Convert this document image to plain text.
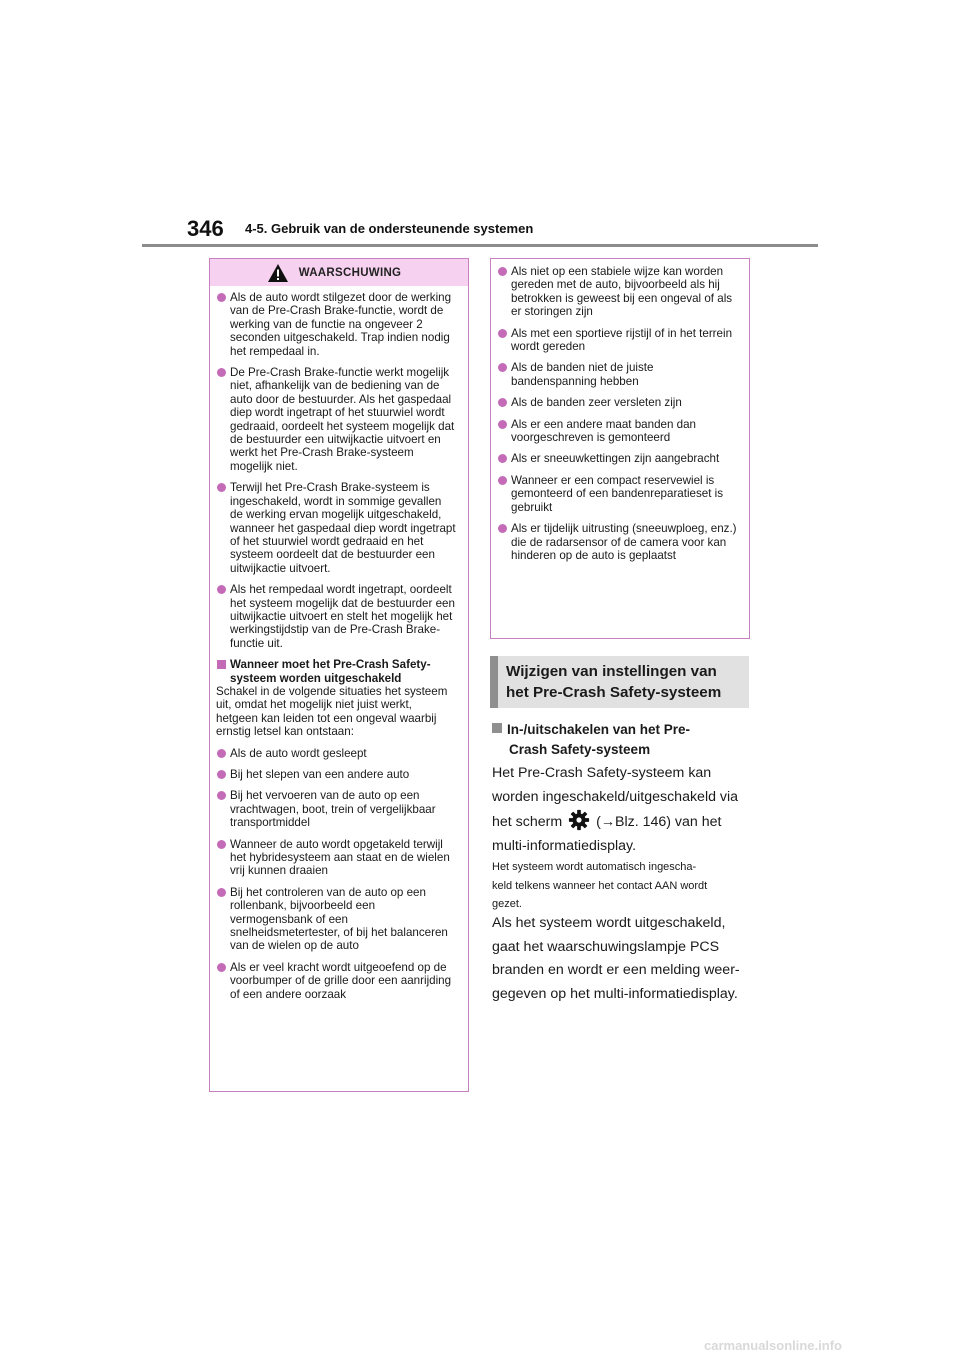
346 4-5. Gebruik van de ondersteunende systemen
WAARSCHUWING
Als de auto wordt stilgezet door de werking van de Pre-Crash Brake-functie, wordt de werking van de functie na ongeveer 2 seconden uitgeschakeld. Trap indien nodig het rempedaal in.
De Pre-Crash Brake-functie werkt mogelijk niet, afhankelijk van de bediening van de auto door de bestuurder. Als het gaspedaal diep wordt ingetrapt of het stuurwiel wordt gedraaid, oordeelt het systeem mogelijk dat de bestuurder een uitwijkactie uitvoert en werkt het Pre-Crash Brake-systeem mogelijk niet.
Terwijl het Pre-Crash Brake-systeem is ingeschakeld, wordt in sommige gevallen de werking ervan mogelijk uitgeschakeld, wanneer het gaspedaal diep wordt ingetrapt of het stuurwiel wordt gedraaid en het systeem oordeelt dat de bestuurder een uitwijkactie uitvoert.
Als het rempedaal wordt ingetrapt, oordeelt het systeem mogelijk dat de bestuurder een uitwijkactie uitvoert en stelt het mogelijk het werkingstijdstip van de Pre-Crash Brake-functie uit.
Wanneer moet het Pre-Crash Safety-systeem worden uitgeschakeld
Schakel in de volgende situaties het systeem uit, omdat het mogelijk niet juist werkt, hetgeen kan leiden tot een ongeval waarbij ernstig letsel kan ontstaan:
Als de auto wordt gesleept
Bij het slepen van een andere auto
Bij het vervoeren van de auto op een vrachtwagen, boot, trein of vergelijkbaar transportmiddel
Wanneer de auto wordt opgetakeld terwijl het hybridesysteem aan staat en de wielen vrij kunnen draaien
Bij het controleren van de auto op een rollenbank, bijvoorbeeld een vermogensbank of een snelheidsmetertester, of bij het balanceren van de wielen op de auto
Als er veel kracht wordt uitgeoefend op de voorbumper of de grille door een aanrijding of een andere oorzaak
Als niet op een stabiele wijze kan worden gereden met de auto, bijvoorbeeld als hij betrokken is geweest bij een ongeval of als er storingen zijn
Als met een sportieve rijstijl of in het terrein wordt gereden
Als de banden niet de juiste bandenspanning hebben
Als de banden zeer versleten zijn
Als er een andere maat banden dan voorgeschreven is gemonteerd
Als er sneeuwkettingen zijn aangebracht
Wanneer er een compact reservewiel is gemonteerd of een bandenreparatieset is gebruikt
Als er tijdelijk uitrusting (sneeuwploeg, enz.) die de radarsensor of de camera voor kan hinderen op de auto is geplaatst
Wijzigen van instellingen van
het Pre-Crash Safety-systeem
In-/uitschakelen van het Pre-
Crash Safety-systeem
Het Pre-Crash Safety-systeem kan
worden ingeschakeld/uitgeschakeld via
het scherm (→Blz. 146) van het
multi-informatiedisplay.
Het systeem wordt automatisch ingescha-
keld telkens wanneer het contact AAN wordt
gezet.
Als het systeem wordt uitgeschakeld,
gaat het waarschuwingslampje PCS
branden en wordt er een melding weer-
gegeven op het multi-informatiedisplay.
carmanualsonline.info
